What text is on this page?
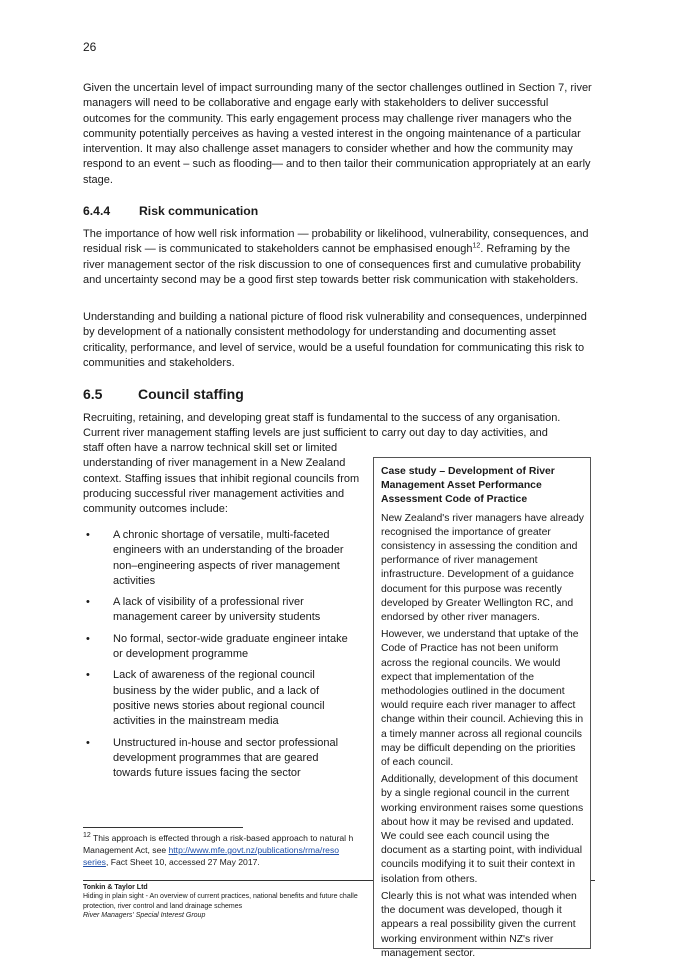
26

Given the uncertain level of impact surrounding many of the sector challenges outlined in Section 7, river managers will need to be collaborative and engage early with stakeholders to deliver successful outcomes for the community. This early engagement process may challenge river managers who the community potentially perceives as having a vested interest in the ongoing maintenance of a particular intervention. It may also challenge asset managers to consider whether and how the community may respond to an event – such as flooding— and to then tailor their communication appropriately at an early stage.

6.4.4 Risk communication

The importance of how well risk information — probability or likelihood, vulnerability, consequences, and residual risk — is communicated to stakeholders cannot be emphasised enough$^{12}$. Reframing by the river management sector of the risk discussion to one of consequences first and cumulative probability and uncertainty second may be a good first step towards better risk communication with stakeholders.

Understanding and building a national picture of flood risk vulnerability and consequences, underpinned by development of a nationally consistent methodology for understanding and documenting asset criticality, performance, and level of service, would be a useful foundation for communicating this risk to communities and stakeholders.

6.5	Council staffing

Recruiting, retaining, and developing great staff is fundamental to the success of any organisation. Current river management staffing levels are just sufficient to carry out day to day activities, and

staff often have a narrow technical skill set or limited understanding of river management in a New Zealand context. Staffing issues that inhibit regional councils from producing successful river management activities and community outcomes include:

• A chronic shortage of versatile, multi-faceted engineers with an understanding of the broader non–engineering aspects of river management activities
• A lack of visibility of a professional river management career by university students
• No formal, sector-wide graduate engineer intake or development programme
• Lack of awareness of the regional council business by the wider public, and a lack of positive news stories about regional council activities in the mainstream media
• Unstructured in-house and sector professional development programmes that are geared towards future issues facing the sector
$^{12}$ This approach is effected through a risk-based approach to natural h
Management Act, see http://www.mfe.govt.nz/publications/rma/reso
series, Fact Sheet 10, accessed 27 May 2017.
Tonkin & Taylor Ltd
Hiding in plain sight - An overview of current practices, national benefits and future challe
protection, river control and land drainage schemes
River Managers' Special Interest Group
Case study – Development of River Management Asset Performance Assessment Code of Practice

New Zealand's river managers have already recognised the importance of greater consistency in assessing the condition and performance of river management infrastructure. Development of a guidance document for this purpose was recently developed by Greater Wellington RC, and endorsed by other river managers.

However, we understand that uptake of the Code of Practice has not been uniform across the regional councils. We would expect that implementation of the methodologies outlined in the document would require each river manager to affect change within their council. Achieving this in a timely manner across all regional councils may be difficult depending on the priorities of each council.

Additionally, development of this document by a single regional council in the current working environment raises some questions about how it may be revised and updated. We could see each council using the document as a starting point, with individual councils modifying it to suit their context in isolation from others.

Clearly this is not what was intended when the document was developed, though it appears a real possibility given the current working environment within NZ's river management sector.
